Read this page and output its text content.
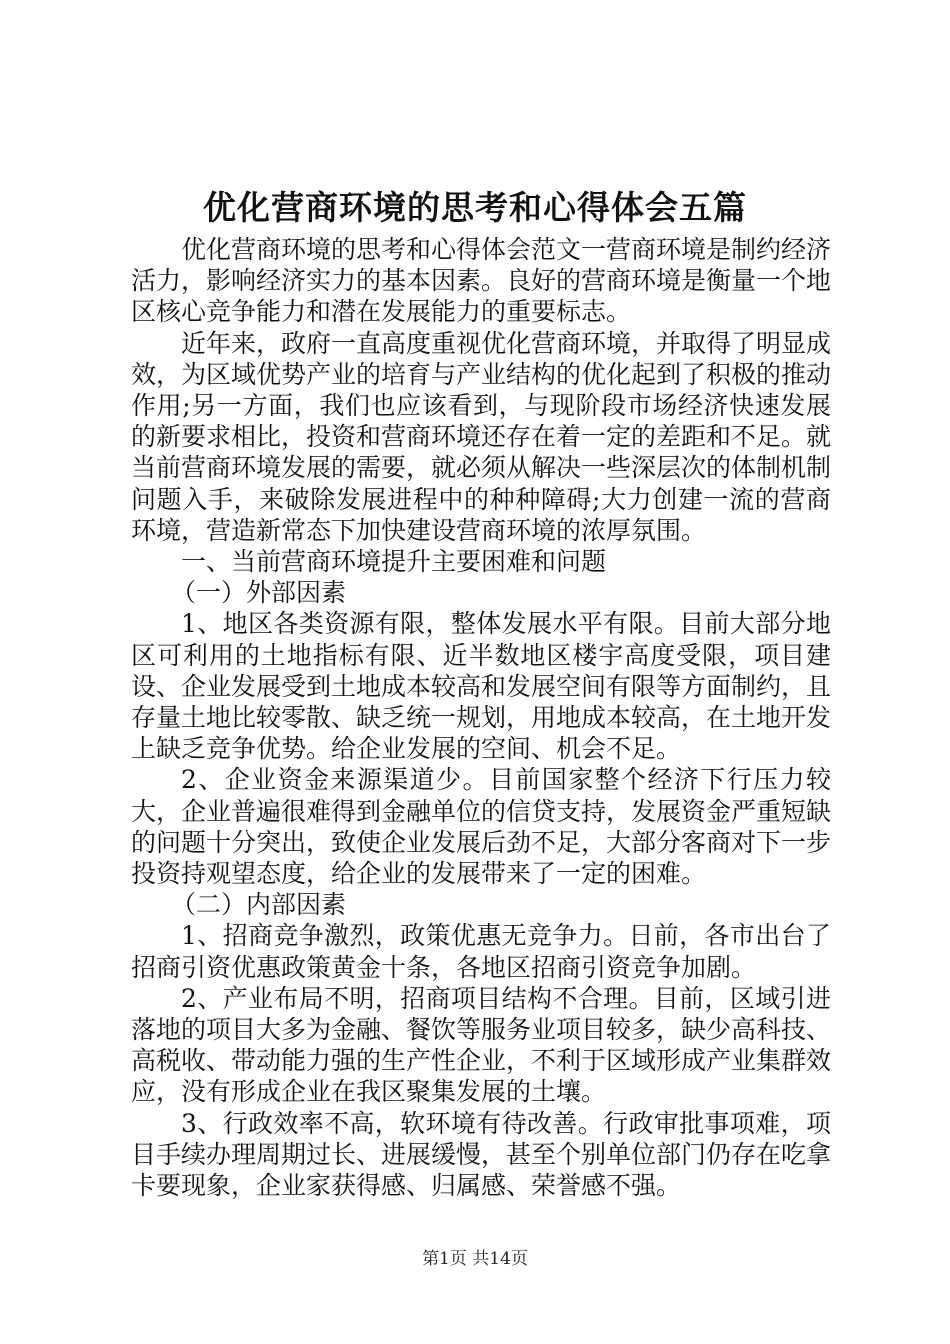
优化营商环境的思考和心得体会五篇

优化营商环境的思考和心得体会范文一营商环境是制约经济活力，影响经济实力的基本因素。良好的营商环境是衡量一个地区核心竞争能力和潜在发展能力的重要标志。

近年来，政府一直高度重视优化营商环境，并取得了明显成效，为区域优势产业的培育与产业结构的优化起到了积极的推动作用;另一方面，我们也应该看到，与现阶段市场经济快速发展的新要求相比，投资和营商环境还存在着一定的差距和不足。就当前营商环境发展的需要，就必须从解决一些深层次的体制机制问题入手，来破除发展进程中的种种障碍;大力创建一流的营商环境，营造新常态下加快建设营商环境的浓厚氛围。

一、当前营商环境提升主要困难和问题

（一）外部因素

1、地区各类资源有限，整体发展水平有限。目前大部分地区可利用的土地指标有限、近半数地区楼宇高度受限，项目建设、企业发展受到土地成本较高和发展空间有限等方面制约，且存量土地比较零散、缺乏统一规划，用地成本较高，在土地开发上缺乏竞争优势。给企业发展的空间、机会不足。

2、企业资金来源渠道少。目前国家整个经济下行压力较大，企业普遍很难得到金融单位的信贷支持，发展资金严重短缺的问题十分突出，致使企业发展后劲不足，大部分客商对下一步投资持观望态度，给企业的发展带来了一定的困难。

（二）内部因素

1、招商竞争激烈，政策优惠无竞争力。日前，各市出台了招商引资优惠政策黄金十条，各地区招商引资竞争加剧。

2、产业布局不明，招商项目结构不合理。目前，区域引进落地的项目大多为金融、餐饮等服务业项目较多，缺少高科技、高税收、带动能力强的生产性企业，不利于区域形成产业集群效应，没有形成企业在我区聚集发展的土壤。

3、行政效率不高，软环境有待改善。行政审批事项难，项目手续办理周期过长、进展缓慢，甚至个别单位部门仍存在吃拿卡要现象，企业家获得感、归属感、荣誉感不强。

第1页 共14页
